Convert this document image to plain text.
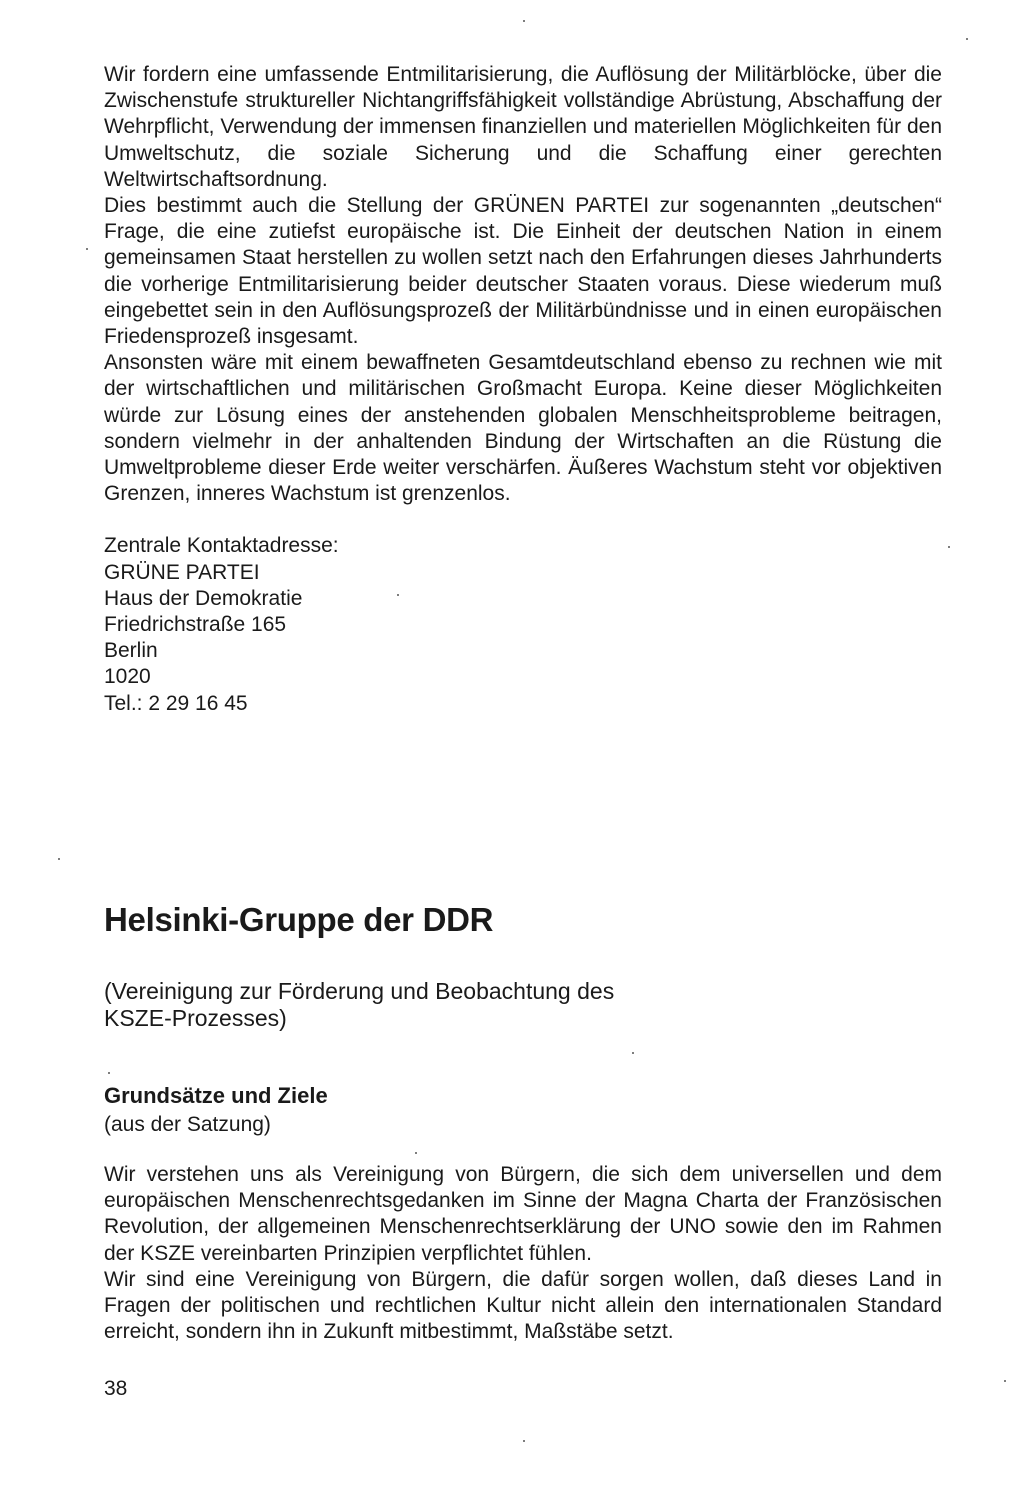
Wir fordern eine umfassende Entmilitarisierung, die Auflösung der Militärblöcke, über die Zwischenstufe struktureller Nichtangriffsfähigkeit vollständige Abrüstung, Abschaffung der Wehrpflicht, Verwendung der immensen finanziellen und materiellen Möglichkeiten für den Umweltschutz, die soziale Sicherung und die Schaffung einer gerechten Weltwirtschaftsordnung.
Dies bestimmt auch die Stellung der GRÜNEN PARTEI zur sogenannten „deutschen“ Frage, die eine zutiefst europäische ist. Die Einheit der deutschen Nation in einem gemeinsamen Staat herstellen zu wollen setzt nach den Erfahrungen dieses Jahrhunderts die vorherige Entmilitarisierung beider deutscher Staaten voraus. Diese wiederum muß eingebettet sein in den Auflösungsprozeß der Militärbündnisse und in einen europäischen Friedensprozeß insgesamt.
Ansonsten wäre mit einem bewaffneten Gesamtdeutschland ebenso zu rechnen wie mit der wirtschaftlichen und militärischen Großmacht Europa. Keine dieser Möglichkeiten würde zur Lösung eines der anstehenden globalen Menschheitsprobleme beitragen, sondern vielmehr in der anhaltenden Bindung der Wirtschaften an die Rüstung die Umweltprobleme dieser Erde weiter verschärfen. Äußeres Wachstum steht vor objektiven Grenzen, inneres Wachstum ist grenzenlos.

Zentrale Kontaktadresse:
GRÜNE PARTEI
Haus der Demokratie
Friedrichstraße 165
Berlin
1020
Tel.: 2 29 16 45
Helsinki-Gruppe der DDR

(Vereinigung zur Förderung und Beobachtung des KSZE-Prozesses)

Grundsätze und Ziele

(aus der Satzung)

Wir verstehen uns als Vereinigung von Bürgern, die sich dem universellen und dem europäischen Menschenrechtsgedanken im Sinne der Magna Charta der Französischen Revolution, der allgemeinen Menschenrechtserklärung der UNO sowie den im Rahmen der KSZE vereinbarten Prinzipien verpflichtet fühlen.
Wir sind eine Vereinigung von Bürgern, die dafür sorgen wollen, daß dieses Land in Fragen der politischen und rechtlichen Kultur nicht allein den internationalen Standard erreicht, sondern ihn in Zukunft mitbestimmt, Maßstäbe setzt.

38
